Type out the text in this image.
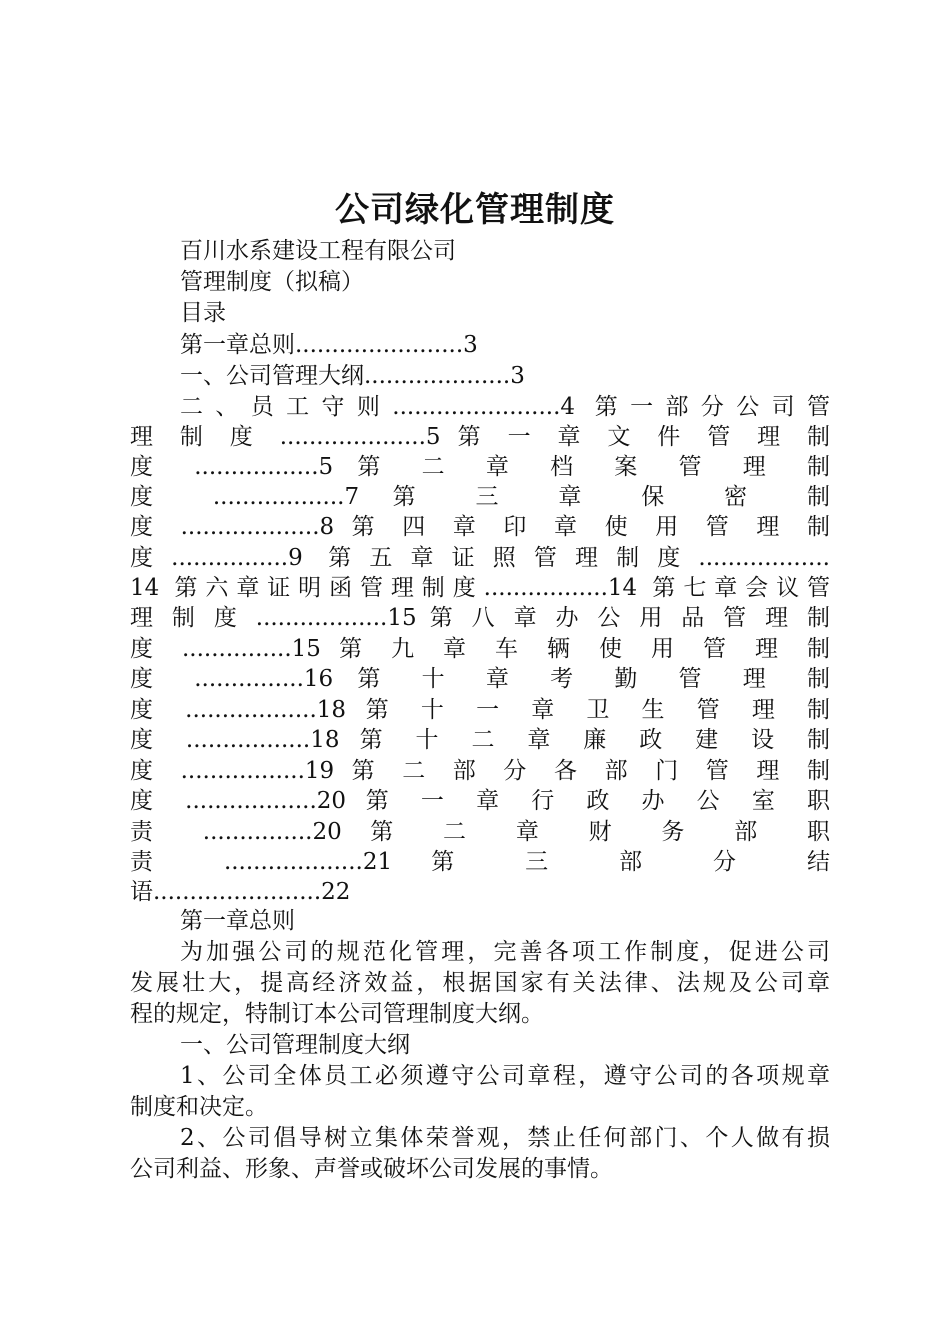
公司绿化管理制度
百川水系建设工程有限公司
管理制度（拟稿）
目录
第一章总则.......................3
一、公司管理大纲....................3
二、员工守则.......................4 第一部分公司管
理 制 度 ....................5 第 一 章 文 件 管 理 制
度 .................5 第 二 章 档 案 管 理 制
度 ..................7 第 三 章 保 密 制
度 ...................8 第 四 章 印 章 使 用 管 理 制
度................9 第五章证照管理制度..................
14 第六章证明函管理制度.................14 第七章会议管
理 制 度 ..................15 第 八 章 办 公 用 品 管 理 制
度 ...............15 第 九 章 车 辆 使 用 管 理 制
度 ...............16 第 十 章 考 勤 管 理 制
度 ..................18 第 十 一 章 卫 生 管 理 制
度 .................18 第 十 二 章 廉 政 建 设 制
度 .................19 第 二 部 分 各 部 门 管 理 制
度 ..................20 第 一 章 行 政 办 公 室 职
责 ...............20 第 二 章 财 务 部 职
责 ...................21 第 三 部 分 结
语.......................22
第一章总则
为加强公司的规范化管理，完善各项工作制度，促进公司
发展壮大，提高经济效益，根据国家有关法律、法规及公司章
程的规定，特制订本公司管理制度大纲。
一、公司管理制度大纲
1、公司全体员工必须遵守公司章程，遵守公司的各项规章
制度和决定。
2、公司倡导树立集体荣誉观，禁止任何部门、个人做有损
公司利益、形象、声誉或破坏公司发展的事情。
